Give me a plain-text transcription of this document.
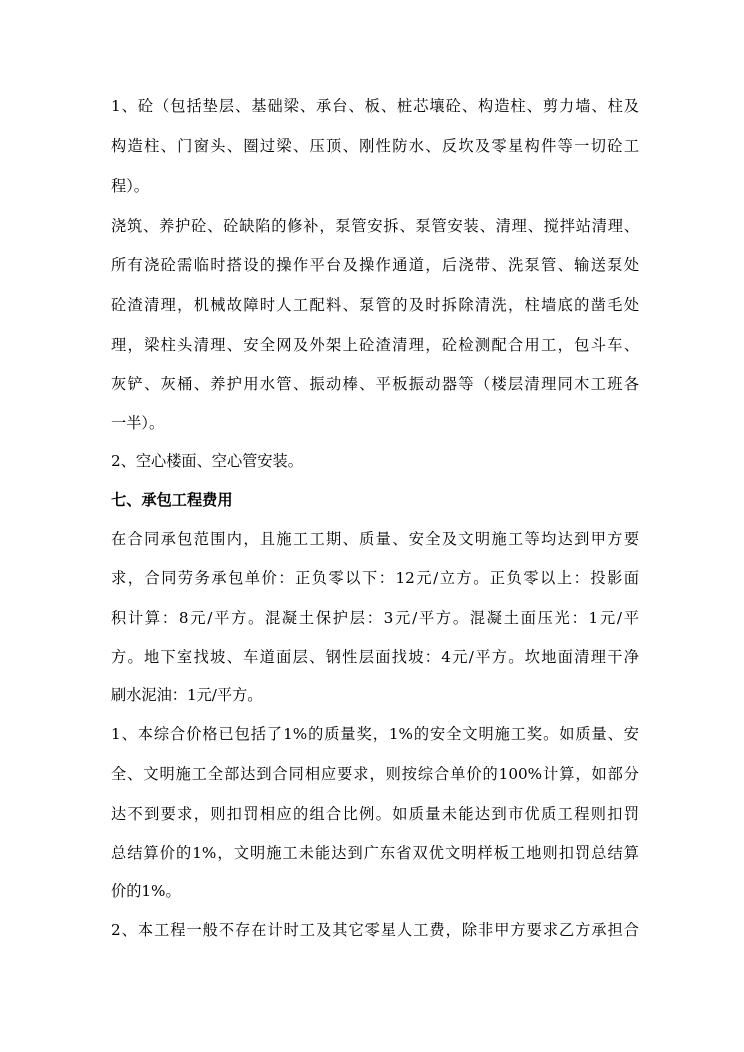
1、砼（包括垫层、基础梁、承台、板、桩芯壤砼、构造柱、剪力墙、柱及
构造柱、门窗头、圈过梁、压顶、刚性防水、反坎及零星构件等一切砼工
程）。
浇筑、养护砼、砼缺陷的修补，泵管安拆、泵管安装、清理、搅拌站清理、
所有浇砼需临时搭设的操作平台及操作通道，后浇带、洗泵管、输送泵处
砼渣清理，机械故障时人工配料、泵管的及时拆除清洗，柱墙底的凿毛处
理，梁柱头清理、安全网及外架上砼渣清理，砼检测配合用工，包斗车、
灰铲、灰桶、养护用水管、振动棒、平板振动器等（楼层清理同木工班各
一半）。
2、空心楼面、空心管安装。
七、承包工程费用
在合同承包范围内，且施工工期、质量、安全及文明施工等均达到甲方要
求，合同劳务承包单价：正负零以下：12元/立方。正负零以上：投影面
积计算：8元/平方。混凝土保护层：3元/平方。混凝土面压光：1元/平
方。地下室找坡、车道面层、钢性层面找坡：4元/平方。坎地面清理干净
刷水泥油：1元/平方。
1、本综合价格已包括了1%的质量奖，1%的安全文明施工奖。如质量、安
全、文明施工全部达到合同相应要求，则按综合单价的100%计算，如部分
达不到要求，则扣罚相应的组合比例。如质量未能达到市优质工程则扣罚
总结算价的1%，文明施工未能达到广东省双优文明样板工地则扣罚总结算
价的1%。
2、本工程一般不存在计时工及其它零星人工费，除非甲方要求乙方承担合
